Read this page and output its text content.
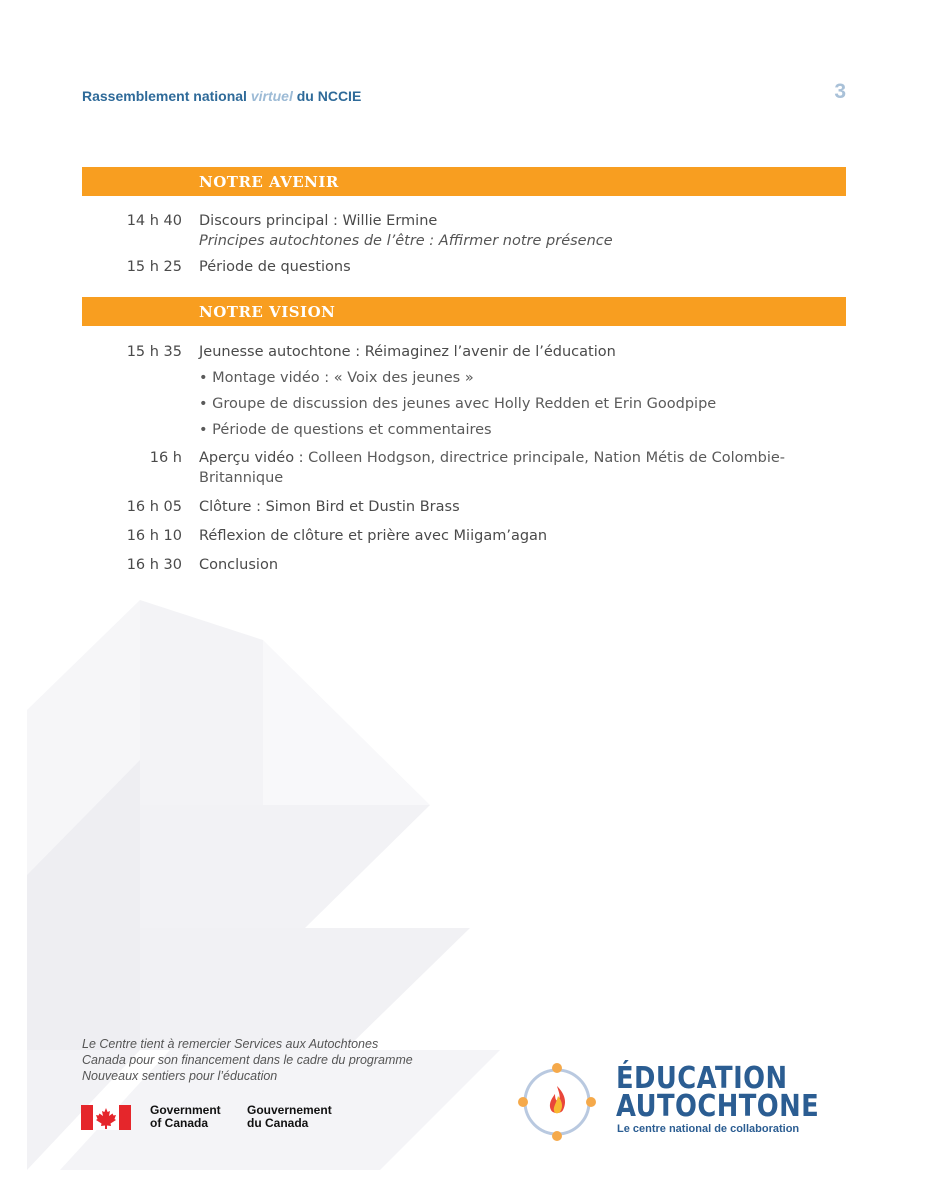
Rassemblement national virtuel du NCCIE	3
NOTRE AVENIR
14 h 40 Discours principal : Willie Ermine
Principes autochtones de l’être : Affirmer notre présence
15 h 25 Période de questions
NOTRE VISION
15 h 35 Jeunesse autochtone : Réimaginez l’avenir de l’éducation
• Montage vidéo : « Voix des jeunes »
• Groupe de discussion des jeunes avec Holly Redden et Erin Goodpipe
• Période de questions et commentaires
16 h Aperçu vidéo : Colleen Hodgson, directrice principale, Nation Métis de Colombie-Britannique
16 h 05 Clôture : Simon Bird et Dustin Brass
16 h 10 Réflexion de clôture et prière avec Miigam’agan
16 h 30 Conclusion
Le Centre tient à remercier Services aux Autochtones
Canada pour son financement dans le cadre du programme
Nouveaux sentiers pour l’éducation
Government
of Canada
Gouvernement
du Canada
ÉDUCATION
AUTOCHTONE
Le centre national de collaboration
